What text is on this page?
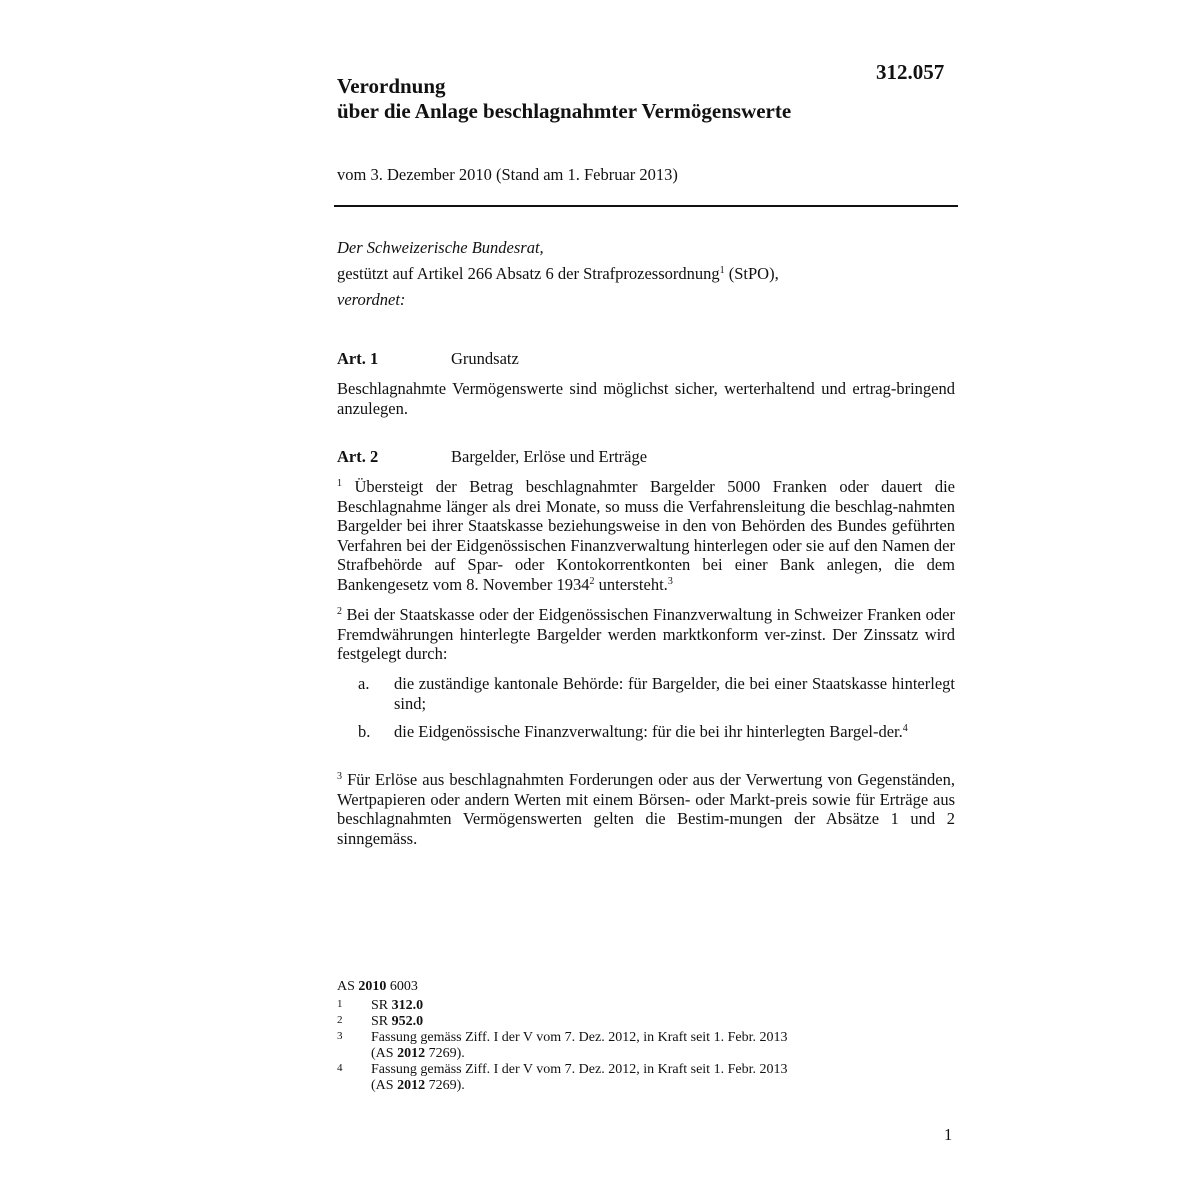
312.057
Verordnung
über die Anlage beschlagnahmter Vermögenswerte
vom 3. Dezember 2010 (Stand am 1. Februar 2013)
Der Schweizerische Bundesrat,
gestützt auf Artikel 266 Absatz 6 der Strafprozessordnung$^1$ (StPO),
verordnet:
Art. 1	Grundsatz
Beschlagnahmte Vermögenswerte sind möglichst sicher, werterhaltend und ertrag-bringend anzulegen.
Art. 2	Bargelder, Erlöse und Erträge
$^1$ Übersteigt der Betrag beschlagnahmter Bargelder 5000 Franken oder dauert die Beschlagnahme länger als drei Monate, so muss die Verfahrensleitung die beschlag-nahmten Bargelder bei ihrer Staatskasse beziehungsweise in den von Behörden des Bundes geführten Verfahren bei der Eidgenössischen Finanzverwaltung hinterlegen oder sie auf den Namen der Strafbehörde auf Spar- oder Kontokorrentkonten bei einer Bank anlegen, die dem Bankengesetz vom 8. November 1934$^2$ untersteht.$^3$
$^2$ Bei der Staatskasse oder der Eidgenössischen Finanzverwaltung in Schweizer Franken oder Fremdwährungen hinterlegte Bargelder werden marktkonform ver-zinst. Der Zinssatz wird festgelegt durch:
a.	die zuständige kantonale Behörde: für Bargelder, die bei einer Staatskasse hinterlegt sind;
b.	die Eidgenössische Finanzverwaltung: für die bei ihr hinterlegten Bargel-der.$^4$
$^3$ Für Erlöse aus beschlagnahmten Forderungen oder aus der Verwertung von Gegenständen, Wertpapieren oder andern Werten mit einem Börsen- oder Markt-preis sowie für Erträge aus beschlagnahmten Vermögenswerten gelten die Bestim-mungen der Absätze 1 und 2 sinngemäss.
AS 2010 6003
1 SR 312.0
2 SR 952.0
3 Fassung gemäss Ziff. I der V vom 7. Dez. 2012, in Kraft seit 1. Febr. 2013
(AS 2012 7269).
4 Fassung gemäss Ziff. I der V vom 7. Dez. 2012, in Kraft seit 1. Febr. 2013
(AS 2012 7269).
1
